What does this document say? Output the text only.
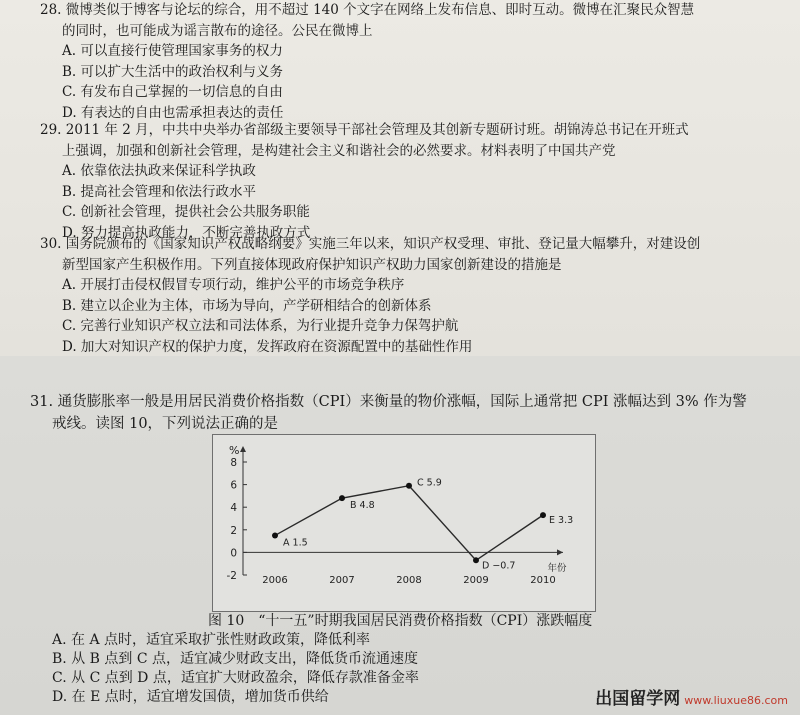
28. 微博类似于博客与论坛的综合，用不超过 140 个文字在网络上发布信息、即时互动。微博在汇聚民众智慧
的同时，也可能成为谣言散布的途径。公民在微博上
A. 可以直接行使管理国家事务的权力
B. 可以扩大生活中的政治权利与义务
C. 有发布自己掌握的一切信息的自由
D. 有表达的自由也需承担表达的责任
29. 2011 年 2 月，中共中央举办省部级主要领导干部社会管理及其创新专题研讨班。胡锦涛总书记在开班式
上强调，加强和创新社会管理，是构建社会主义和谐社会的必然要求。材料表明了中国共产党
A. 依靠依法执政来保证科学执政
B. 提高社会管理和依法行政水平
C. 创新社会管理，提供社会公共服务职能
D. 努力提高执政能力，不断完善执政方式
30. 国务院颁布的《国家知识产权战略纲要》实施三年以来，知识产权受理、审批、登记量大幅攀升，对建设创
新型国家产生积极作用。下列直接体现政府保护知识产权助力国家创新建设的措施是
A. 开展打击侵权假冒专项行动，维护公平的市场竞争秩序
B. 建立以企业为主体，市场为导向，产学研相结合的创新体系
C. 完善行业知识产权立法和司法体系，为行业提升竞争力保驾护航
D. 加大对知识产权的保护力度，发挥政府在资源配置中的基础性作用
31. 通货膨胀率一般是用居民消费价格指数（CPI）来衡量的物价涨幅，国际上通常把 CPI 涨幅达到 3% 作为警
戒线。读图 10，下列说法正确的是
%
-2
0
2
4
6
8
2006	2007	2008	2009	2010
年份
A 1.5
B 4.8
C 5.9
D −0.7
E 3.3
图 10　“十一五”时期我国居民消费价格指数（CPI）涨跌幅度
A. 在 A 点时，适宜采取扩张性财政政策，降低利率
B. 从 B 点到 C 点，适宜减少财政支出，降低货币流通速度
C. 从 C 点到 D 点，适宜扩大财政盈余，降低存款准备金率
D. 在 E 点时，适宜增发国债，增加货币供给	出国留学网 www.liuxue86.com
